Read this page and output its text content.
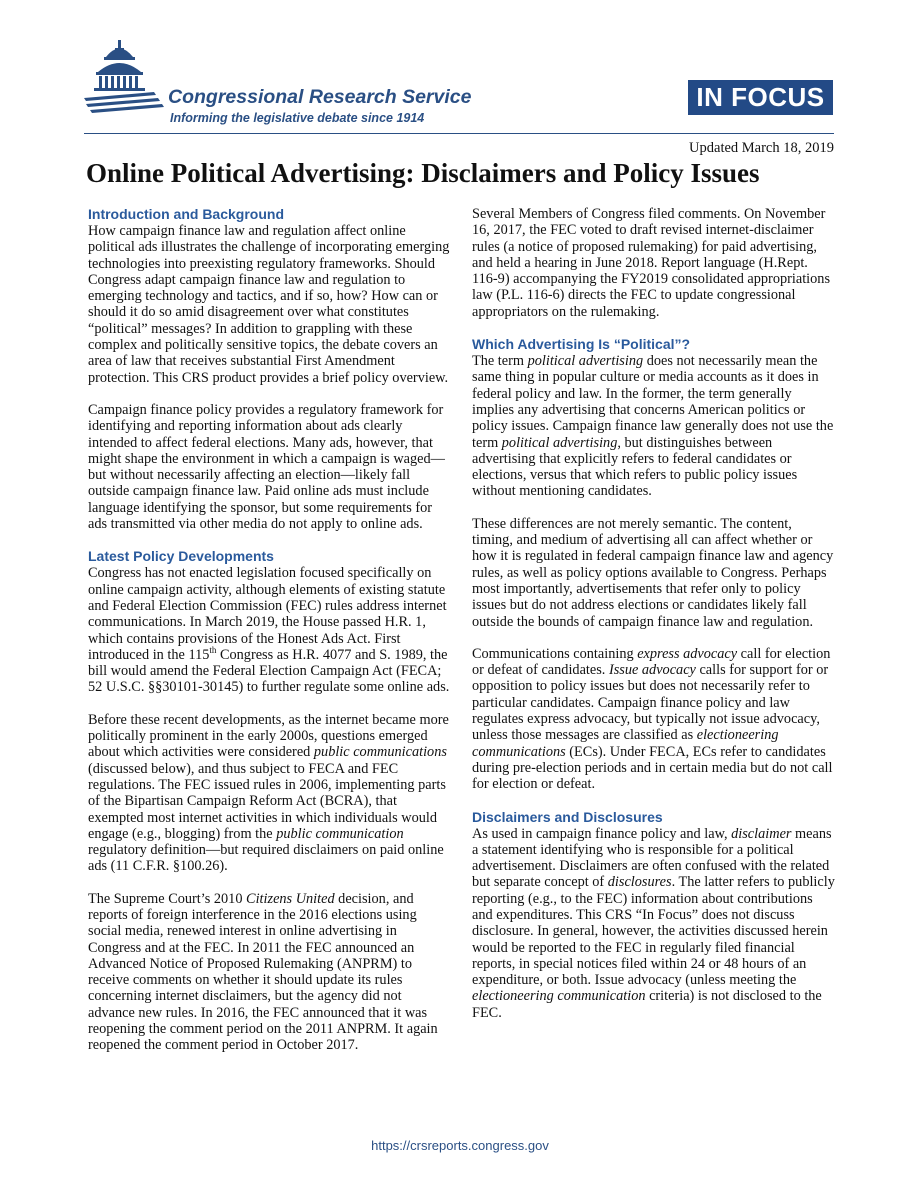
Congressional Research Service
Informing the legislative debate since 1914
IN FOCUS
Updated March 18, 2019
Online Political Advertising: Disclaimers and Policy Issues
Introduction and Background

How campaign finance law and regulation affect online political ads illustrates the challenge of incorporating emerging technologies into preexisting regulatory frameworks. Should Congress adapt campaign finance law and regulation to emerging technology and tactics, and if so, how? How can or should it do so amid disagreement over what constitutes “political” messages? In addition to grappling with these complex and politically sensitive topics, the debate covers an area of law that receives substantial First Amendment protection. This CRS product provides a brief policy overview.

Campaign finance policy provides a regulatory framework for identifying and reporting information about ads clearly intended to affect federal elections. Many ads, however, that might shape the environment in which a campaign is waged—but without necessarily affecting an election—likely fall outside campaign finance law. Paid online ads must include language identifying the sponsor, but some requirements for ads transmitted via other media do not apply to online ads.

Latest Policy Developments

Congress has not enacted legislation focused specifically on online campaign activity, although elements of existing statute and Federal Election Commission (FEC) rules address internet communications. In March 2019, the House passed H.R. 1, which contains provisions of the Honest Ads Act. First introduced in the 115th Congress as H.R. 4077 and S. 1989, the bill would amend the Federal Election Campaign Act (FECA; 52 U.S.C. §§30101-30145) to further regulate some online ads.

Before these recent developments, as the internet became more politically prominent in the early 2000s, questions emerged about which activities were considered public communications (discussed below), and thus subject to FECA and FEC regulations. The FEC issued rules in 2006, implementing parts of the Bipartisan Campaign Reform Act (BCRA), that exempted most internet activities in which individuals would engage (e.g., blogging) from the public communication regulatory definition—but required disclaimers on paid online ads (11 C.F.R. §100.26).

The Supreme Court’s 2010 Citizens United decision, and reports of foreign interference in the 2016 elections using social media, renewed interest in online advertising in Congress and at the FEC. In 2011 the FEC announced an Advanced Notice of Proposed Rulemaking (ANPRM) to receive comments on whether it should update its rules concerning internet disclaimers, but the agency did not advance new rules. In 2016, the FEC announced that it was reopening the comment period on the 2011 ANPRM. It again reopened the comment period in October 2017.

Several Members of Congress filed comments. On November 16, 2017, the FEC voted to draft revised internet-disclaimer rules (a notice of proposed rulemaking) for paid advertising, and held a hearing in June 2018. Report language (H.Rept. 116-9) accompanying the FY2019 consolidated appropriations law (P.L. 116-6) directs the FEC to update congressional appropriators on the rulemaking.

Which Advertising Is “Political”?

The term political advertising does not necessarily mean the same thing in popular culture or media accounts as it does in federal policy and law. In the former, the term generally implies any advertising that concerns American politics or policy issues. Campaign finance law generally does not use the term political advertising, but distinguishes between advertising that explicitly refers to federal candidates or elections, versus that which refers to public policy issues without mentioning candidates.

These differences are not merely semantic. The content, timing, and medium of advertising all can affect whether or how it is regulated in federal campaign finance law and agency rules, as well as policy options available to Congress. Perhaps most importantly, advertisements that refer only to policy issues but do not address elections or candidates likely fall outside the bounds of campaign finance law and regulation.

Communications containing express advocacy call for election or defeat of candidates. Issue advocacy calls for support for or opposition to policy issues but does not necessarily refer to particular candidates. Campaign finance policy and law regulates express advocacy, but typically not issue advocacy, unless those messages are classified as electioneering communications (ECs). Under FECA, ECs refer to candidates during pre-election periods and in certain media but do not call for election or defeat.

Disclaimers and Disclosures

As used in campaign finance policy and law, disclaimer means a statement identifying who is responsible for a political advertisement. Disclaimers are often confused with the related but separate concept of disclosures. The latter refers to publicly reporting (e.g., to the FEC) information about contributions and expenditures. This CRS “In Focus” does not discuss disclosure. In general, however, the activities discussed herein would be reported to the FEC in regularly filed financial reports, in special notices filed within 24 or 48 hours of an expenditure, or both. Issue advocacy (unless meeting the electioneering communication criteria) is not disclosed to the FEC.

https://crsreports.congress.gov
